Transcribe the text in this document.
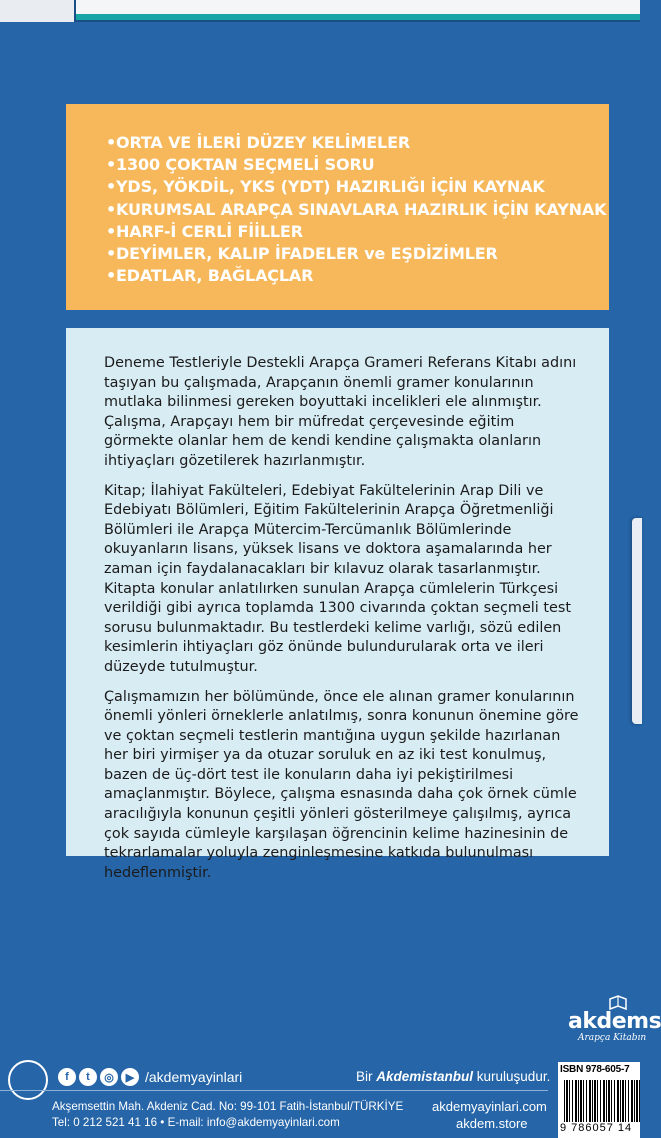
•ORTA VE İLERİ DÜZEY KELİMELER
•1300 ÇOKTAN SEÇMELİ SORU
•YDS, YÖKDİL, YKS (YDT) HAZIRLIĞI İÇİN KAYNAK
•KURUMSAL ARAPÇA SINAVLARA HAZIRLIK İÇİN KAYNAK
•HARF-İ CERLİ FİİLLER
•DEYİMLER, KALIP İFADELER ve EŞDİZİMLER
•EDATLAR, BAĞLAÇLAR

Deneme Testleriyle Destekli Arapça Grameri Referans Kitabı adını taşıyan bu çalışmada, Arapçanın önemli gramer konularının mutlaka bilinmesi gereken boyuttaki incelikleri ele alınmıştır. Çalışma, Arapçayı hem bir müfredat çerçevesinde eğitim görmekte olanlar hem de kendi kendine çalışmakta olanların ihtiyaçları gözetilerek hazırlanmıştır.

Kitap; İlahiyat Fakülteleri, Edebiyat Fakültelerinin Arap Dili ve Edebiyatı Bölümleri, Eğitim Fakültelerinin Arapça Öğretmenliği Bölümleri ile Arapça Mütercim-Tercümanlık Bölümlerinde okuyanların lisans, yüksek lisans ve doktora aşamalarında her zaman için faydalanacakları bir kılavuz olarak tasarlanmıştır. Kitapta konular anlatılırken sunulan Arapça cümlelerin Türkçesi verildiği gibi ayrıca toplamda 1300 civarında çoktan seçmeli test sorusu bulunmaktadır. Bu testlerdeki kelime varlığı, sözü edilen kesimlerin ihtiyaçları göz önünde bulundurularak orta ve ileri düzeyde tutulmuştur.

Çalışmamızın her bölümünde, önce ele alınan gramer konularının önemli yönleri örneklerle anlatılmış, sonra konunun önemine göre ve çoktan seçmeli testlerin mantığına uygun şekilde hazırlanan her biri yirmişer ya da otuzar soruluk en az iki test konulmuş, bazen de üç-dört test ile konuların daha iyi pekiştirilmesi amaçlanmıştır. Böylece, çalışma esnasında daha çok örnek cümle aracılığıyla konunun çeşitli yönleri gösterilmeye çalışılmış, ayrıca çok sayıda cümleyle karşılaşan öğrencinin kelime hazinesinin de tekrarlamalar yoluyla zenginleşmesine katkıda bulunulması hedeflenmiştir.

akdems
Arapça Kitabın
ISBN 978-605-7
9 786057 14
f	t	◎	▶ /akdemyayinlari	Bir Akdemistanbul kuruluşudur.
Akşemsettin Mah. Akdeniz Cad. No: 99-101 Fatih-İstanbul/TÜRKİYE
Tel: 0 212 521 41 16 • E-mail: info@akdemyayinlari.com
akdemyayinlari.com
akdem.store
